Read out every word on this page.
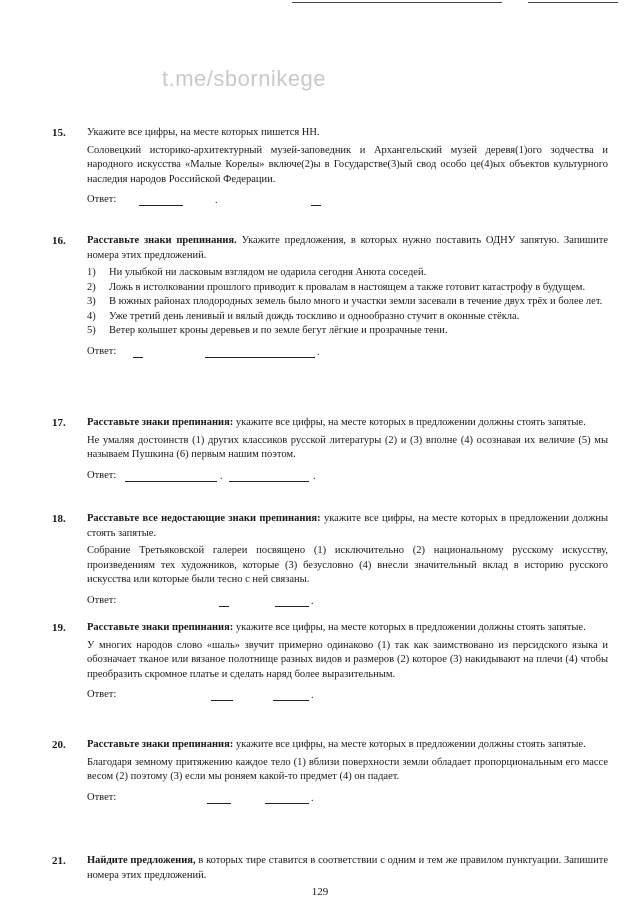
t.me/sbornikege
15.	Укажите все цифры, на месте которых пишется НН.
Соловецкий историко-архитектурный музей-заповедник и Архангельский музей деревя(1)ого зодчества и народного искусства «Малые Корелы» включе(2)ы в Государстве(3)ый свод особо це(4)ых объектов культурного наследия народов Российской Федерации.
Ответ:	.
16.	Расставьте знаки препинания. Укажите предложения, в которых нужно поставить ОДНУ запятую. Запишите номера этих предложений.
1) Ни улыбкой ни ласковым взглядом не одарила сегодня Анюта соседей.
2) Ложь в истолковании прошлого приводит к провалам в настоящем а также готовит катастрофу в будущем.
3) В южных районах плодородных земель было много и участки земли засевали в течение двух трёх и более лет.
4) Уже третий день ленивый и вялый дождь тоскливо и однообразно стучит в оконные стёкла.
5) Ветер колышет кроны деревьев и по земле бегут лёгкие и прозрачные тени.
Ответ:	.
17.	Расставьте знаки препинания: укажите все цифры, на месте которых в предложении должны стоять запятые.
Не умаляя достоинств (1) других классиков русской литературы (2) и (3) вполне (4) осознавая их величие (5) мы называем Пушкина (6) первым нашим поэтом.
Ответ:	.	.
18.	Расставьте все недостающие знаки препинания: укажите все цифры, на месте которых в предложении должны стоять запятые.
Собрание Третьяковской галереи посвящено (1) исключительно (2) национальному русскому искусству, произведениям тех художников, которые (3) безусловно (4) внесли значительный вклад в историю русского искусства или которые были тесно с ней связаны.
Ответ:	.
19.	Расставьте знаки препинания: укажите все цифры, на месте которых в предложении должны стоять запятые.
У многих народов слово «шаль» звучит примерно одинаково (1) так как заимствовано из персидского языка и обозначает тканое или вязаное полотнище разных видов и размеров (2) которое (3) накидывают на плечи (4) чтобы преобразить скромное платье и сделать наряд более выразительным.
Ответ:	.
20.	Расставьте знаки препинания: укажите все цифры, на месте которых в предложении должны стоять запятые.
Благодаря земному притяжению каждое тело (1) вблизи поверхности земли обладает пропорциональным его массе весом (2) поэтому (3) если мы роняем какой-то предмет (4) он падает.
Ответ:	.
21.	Найдите предложения, в которых тире ставится в соответствии с одним и тем же правилом пунктуации. Запишите номера этих предложений.
129
